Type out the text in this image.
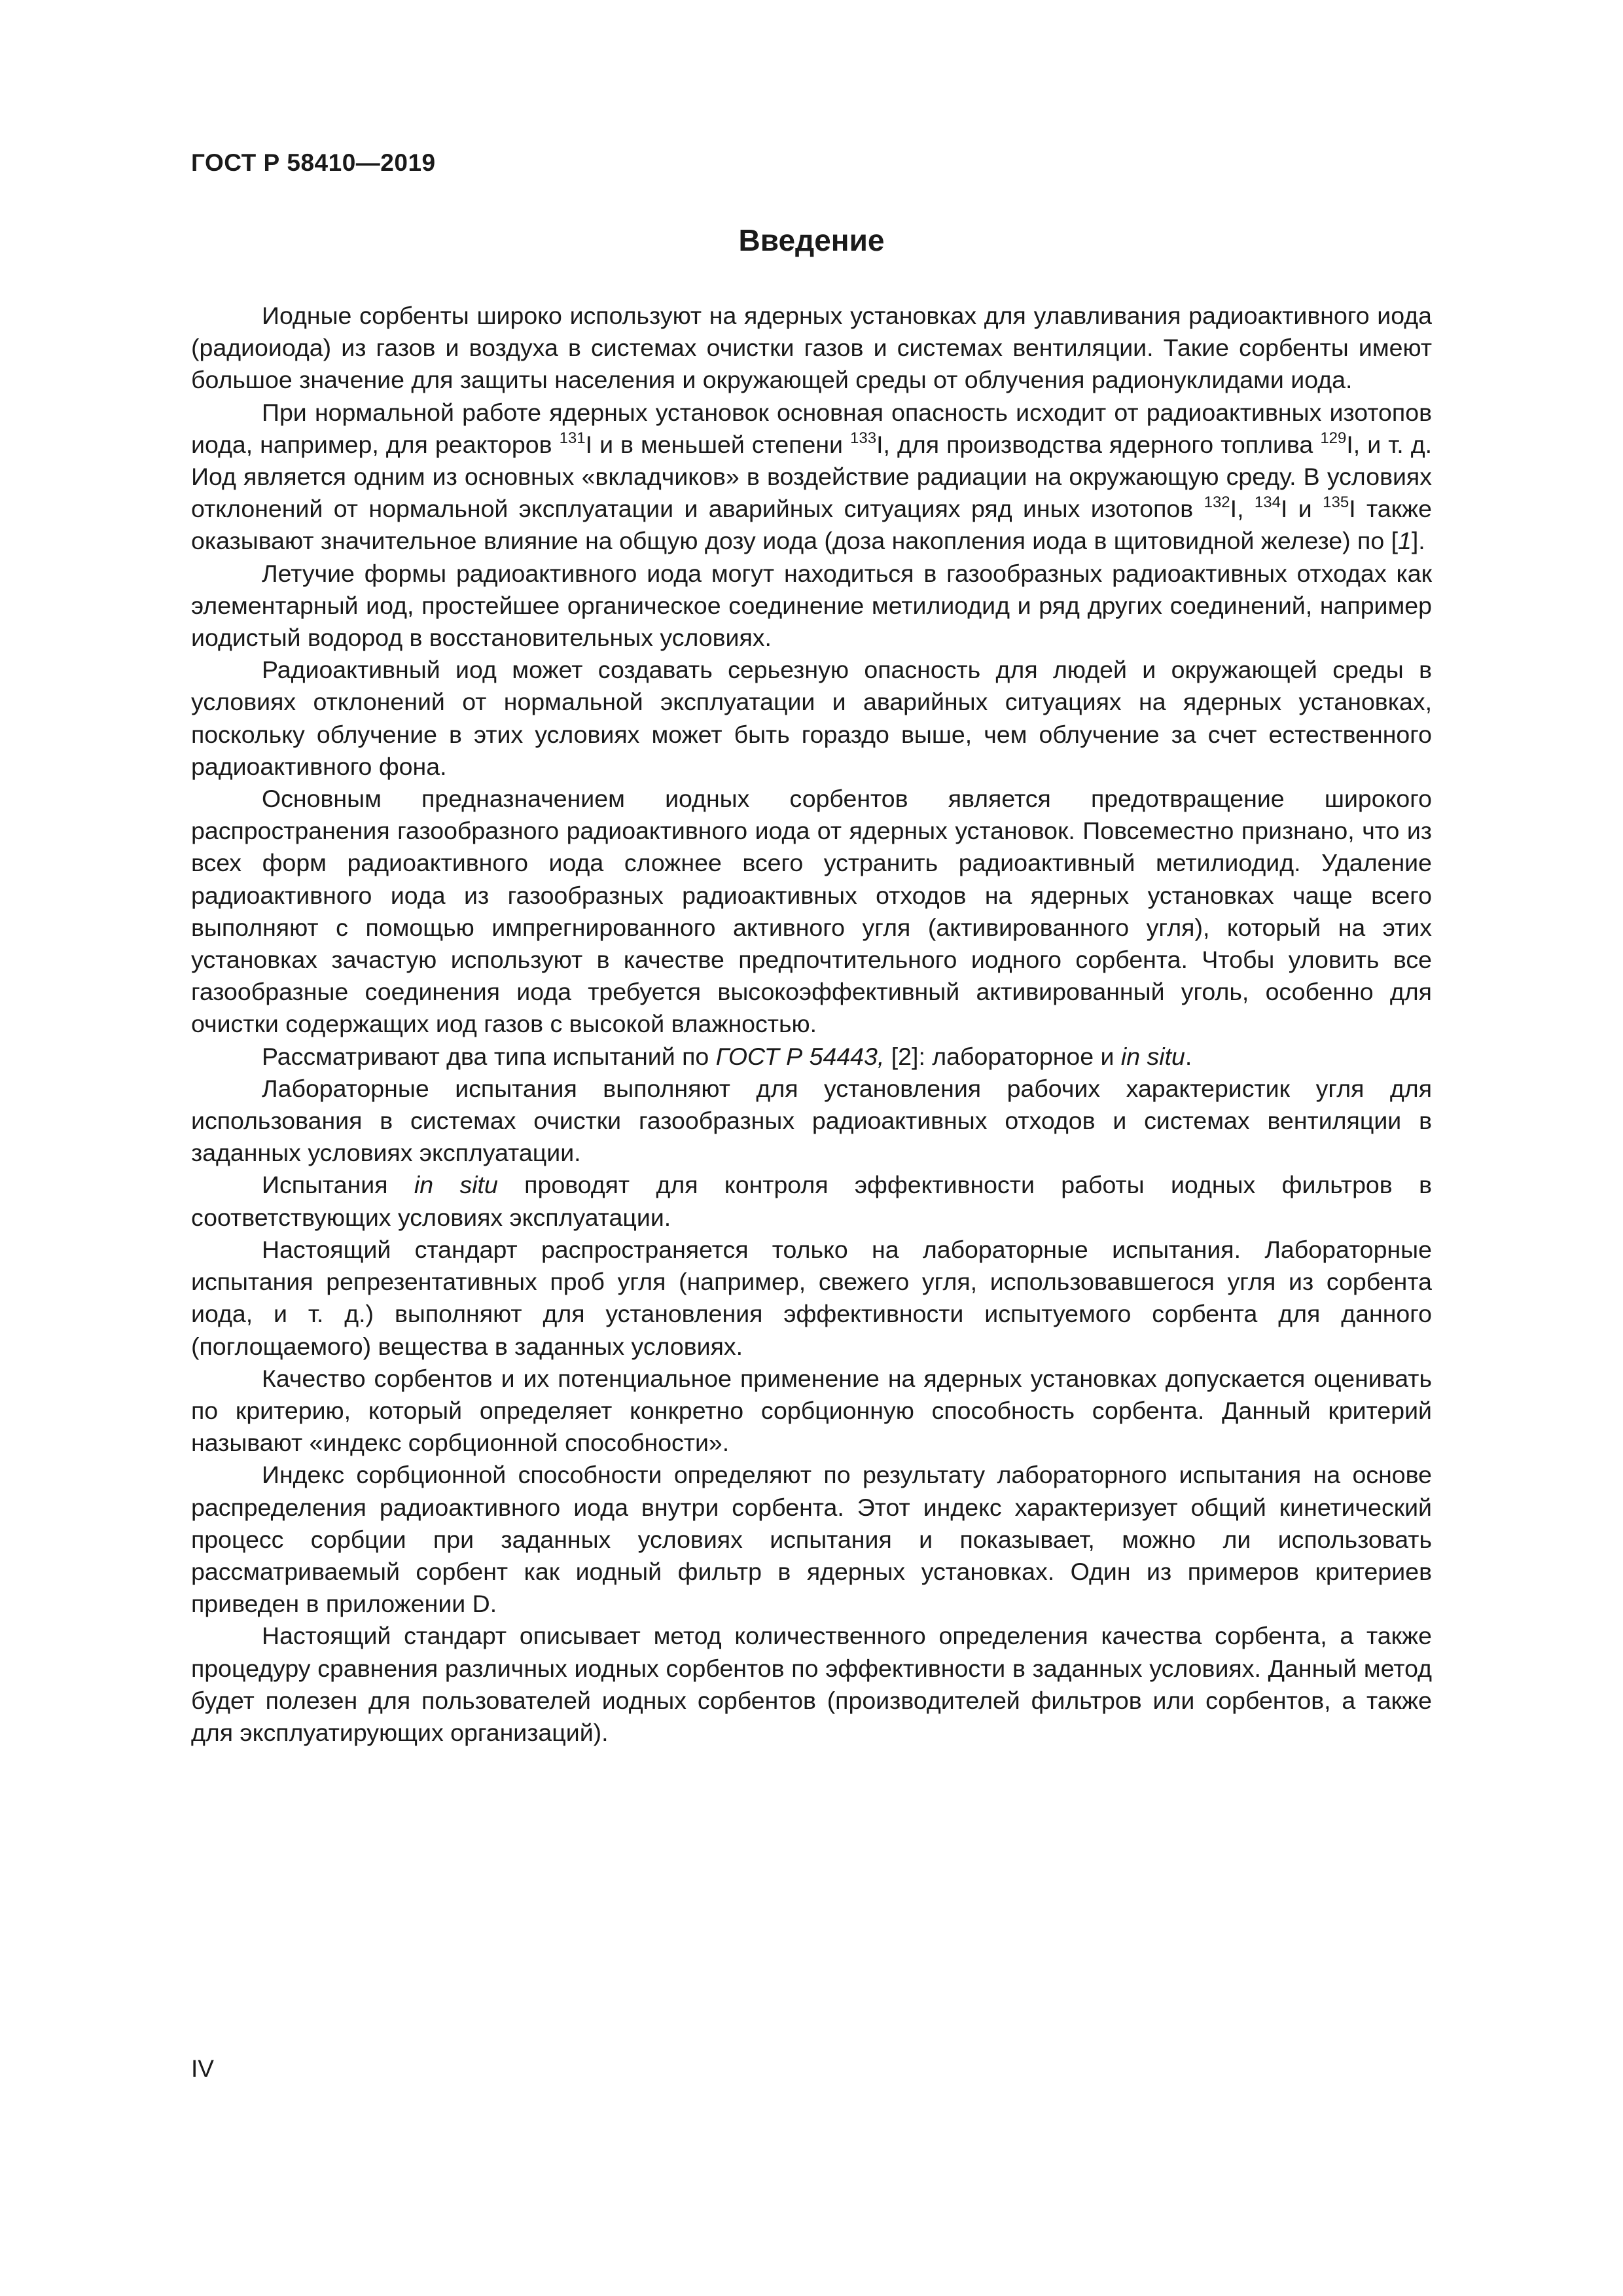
ГОСТ Р 58410—2019
Введение

Иодные сорбенты широко используют на ядерных установках для улавливания радиоактивного иода (радиоиода) из газов и воздуха в системах очистки газов и системах вентиляции. Такие сорбенты имеют большое значение для защиты населения и окружающей среды от облучения радионуклидами иода.

При нормальной работе ядерных установок основная опасность исходит от радиоактивных изотопов иода, например, для реакторов $^{131}$I и в меньшей степени $^{133}$I, для производства ядерного топлива $^{129}$I, и т. д. Иод является одним из основных «вкладчиков» в воздействие радиации на окружающую среду. В условиях отклонений от нормальной эксплуатации и аварийных ситуациях ряд иных изотопов $^{132}$I, $^{134}$I и $^{135}$I также оказывают значительное влияние на общую дозу иода (доза накопления иода в щитовидной железе) по [1].

Летучие формы радиоактивного иода могут находиться в газообразных радиоактивных отходах как элементарный иод, простейшее органическое соединение метилиодид и ряд других соединений, например иодистый водород в восстановительных условиях.

Радиоактивный иод может создавать серьезную опасность для людей и окружающей среды в условиях отклонений от нормальной эксплуатации и аварийных ситуациях на ядерных установках, поскольку облучение в этих условиях может быть гораздо выше, чем облучение за счет естественного радиоактивного фона.

Основным предназначением иодных сорбентов является предотвращение широкого распространения газообразного радиоактивного иода от ядерных установок. Повсеместно признано, что из всех форм радиоактивного иода сложнее всего устранить радиоактивный метилиодид. Удаление радиоактивного иода из газообразных радиоактивных отходов на ядерных установках чаще всего выполняют с помощью импрегнированного активного угля (активированного угля), который на этих установках зачастую используют в качестве предпочтительного иодного сорбента. Чтобы уловить все газообразные соединения иода требуется высокоэффективный активированный уголь, особенно для очистки содержащих иод газов с высокой влажностью.

Рассматривают два типа испытаний по ГОСТ Р 54443, [2]: лабораторное и in situ.

Лабораторные испытания выполняют для установления рабочих характеристик угля для использования в системах очистки газообразных радиоактивных отходов и системах вентиляции в заданных условиях эксплуатации.

Испытания in situ проводят для контроля эффективности работы иодных фильтров в соответствующих условиях эксплуатации.

Настоящий стандарт распространяется только на лабораторные испытания. Лабораторные испытания репрезентативных проб угля (например, свежего угля, использовавшегося угля из сорбента иода, и т. д.) выполняют для установления эффективности испытуемого сорбента для данного (поглощаемого) вещества в заданных условиях.

Качество сорбентов и их потенциальное применение на ядерных установках допускается оценивать по критерию, который определяет конкретно сорбционную способность сорбента. Данный критерий называют «индекс сорбционной способности».

Индекс сорбционной способности определяют по результату лабораторного испытания на основе распределения радиоактивного иода внутри сорбента. Этот индекс характеризует общий кинетический процесс сорбции при заданных условиях испытания и показывает, можно ли использовать рассматриваемый сорбент как иодный фильтр в ядерных установках. Один из примеров критериев приведен в приложении D.

Настоящий стандарт описывает метод количественного определения качества сорбента, а также процедуру сравнения различных иодных сорбентов по эффективности в заданных условиях. Данный метод будет полезен для пользователей иодных сорбентов (производителей фильтров или сорбентов, а также для эксплуатирующих организаций).

IV
